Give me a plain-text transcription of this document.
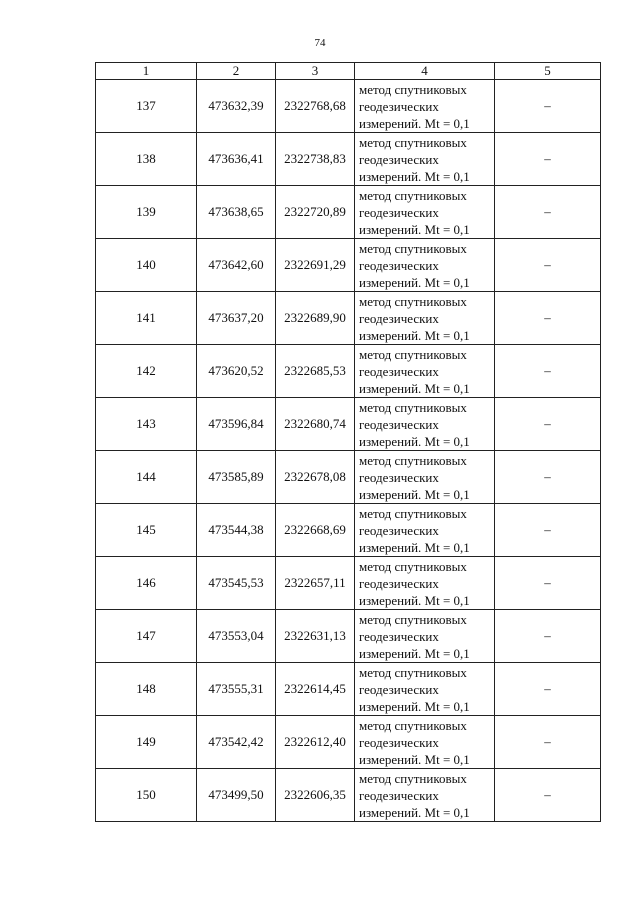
74
1	2	3	4	5
137	473632,39	2322768,68	метод спутниковых
геодезических
измерений. Mt = 0,1	–
138	473636,41	2322738,83	метод спутниковых
геодезических
измерений. Mt = 0,1	–
139	473638,65	2322720,89	метод спутниковых
геодезических
измерений. Mt = 0,1	–
140	473642,60	2322691,29	метод спутниковых
геодезических
измерений. Mt = 0,1	–
141	473637,20	2322689,90	метод спутниковых
геодезических
измерений. Mt = 0,1	–
142	473620,52	2322685,53	метод спутниковых
геодезических
измерений. Mt = 0,1	–
143	473596,84	2322680,74	метод спутниковых
геодезических
измерений. Mt = 0,1	–
144	473585,89	2322678,08	метод спутниковых
геодезических
измерений. Mt = 0,1	–
145	473544,38	2322668,69	метод спутниковых
геодезических
измерений. Mt = 0,1	–
146	473545,53	2322657,11	метод спутниковых
геодезических
измерений. Mt = 0,1	–
147	473553,04	2322631,13	метод спутниковых
геодезических
измерений. Mt = 0,1	–
148	473555,31	2322614,45	метод спутниковых
геодезических
измерений. Mt = 0,1	–
149	473542,42	2322612,40	метод спутниковых
геодезических
измерений. Mt = 0,1	–
150	473499,50	2322606,35	метод спутниковых
геодезических
измерений. Mt = 0,1	–
